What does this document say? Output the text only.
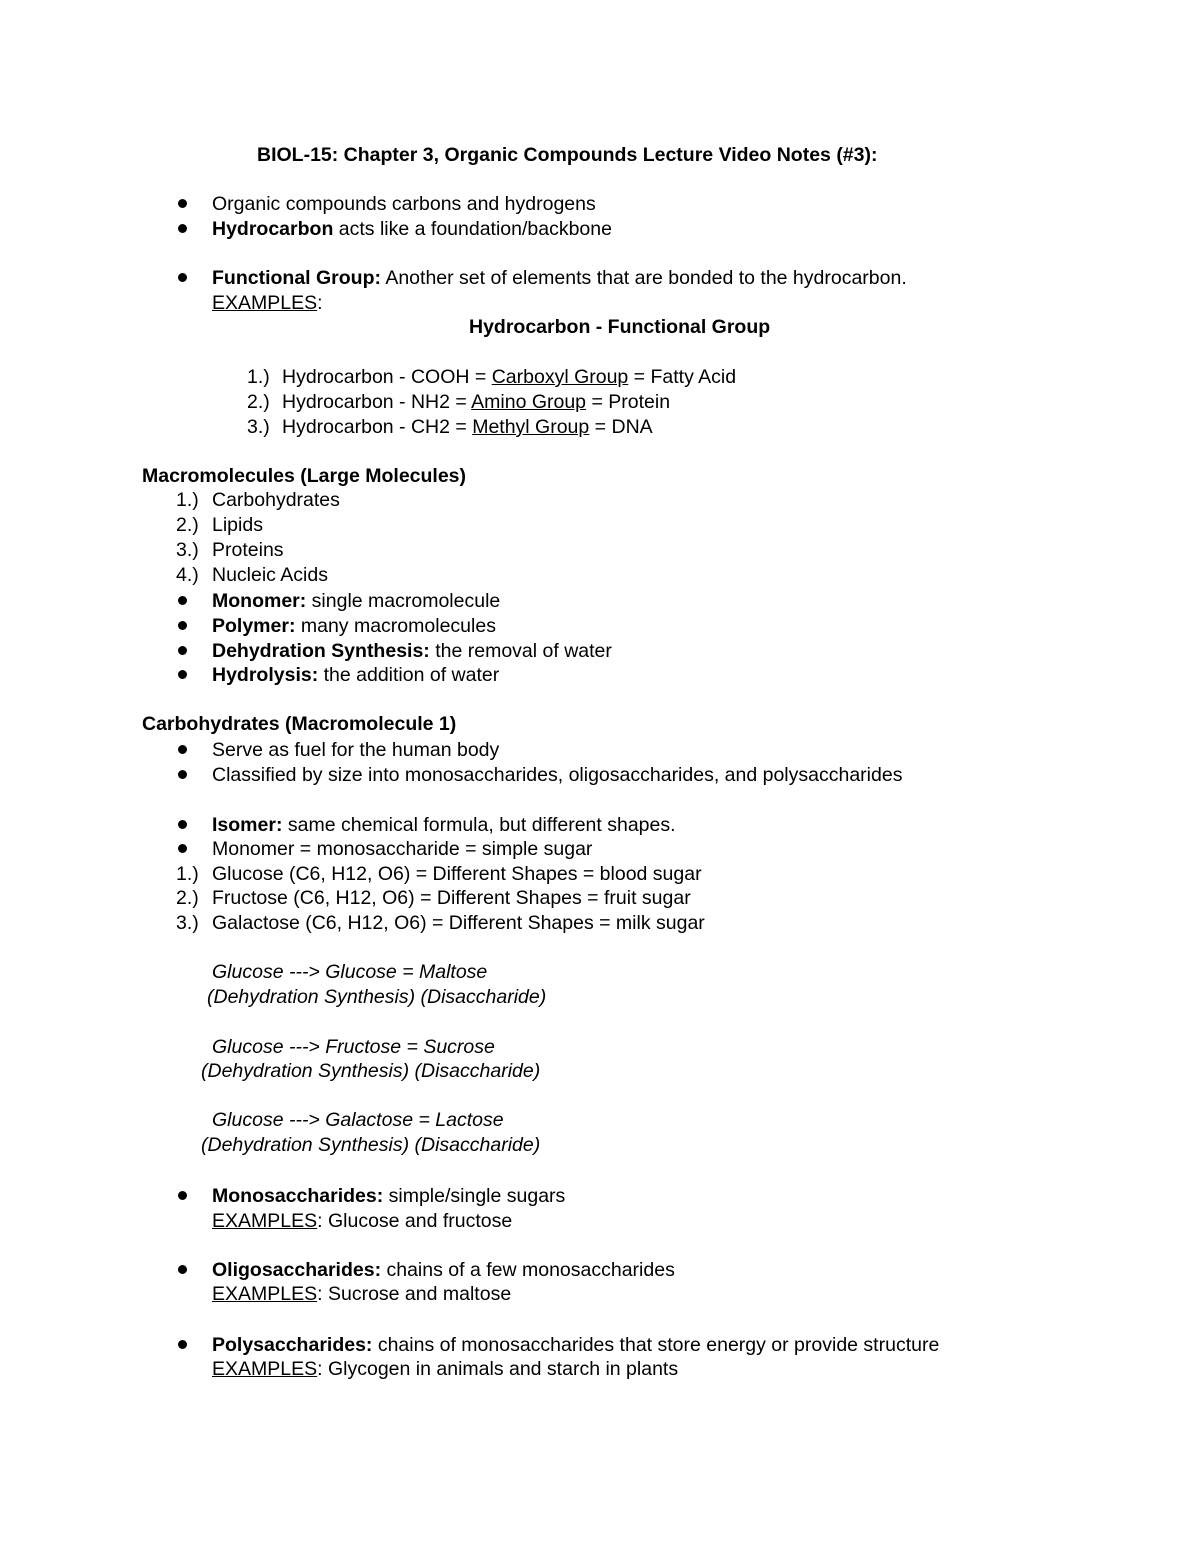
BIOL-15: Chapter 3, Organic Compounds Lecture Video Notes (#3):
Organic compounds carbons and hydrogens
Hydrocarbon acts like a foundation/backbone
Functional Group: Another set of elements that are bonded to the hydrocarbon.
EXAMPLES:
Hydrocarbon - Functional Group
1.) Hydrocarbon - COOH = Carboxyl Group = Fatty Acid
2.) Hydrocarbon - NH2 = Amino Group = Protein
3.) Hydrocarbon - CH2 = Methyl Group = DNA
Macromolecules (Large Molecules)
1.) Carbohydrates
2.) Lipids
3.) Proteins
4.) Nucleic Acids
Monomer: single macromolecule
Polymer: many macromolecules
Dehydration Synthesis: the removal of water
Hydrolysis: the addition of water
Carbohydrates (Macromolecule 1)
Serve as fuel for the human body
Classified by size into monosaccharides, oligosaccharides, and polysaccharides
Isomer: same chemical formula, but different shapes.
Monomer = monosaccharide = simple sugar
1.) Glucose (C6, H12, O6) = Different Shapes = blood sugar
2.) Fructose (C6, H12, O6) = Different Shapes = fruit sugar
3.) Galactose (C6, H12, O6) = Different Shapes = milk sugar
Glucose ---> Glucose = Maltose
(Dehydration Synthesis) (Disaccharide)
Glucose ---> Fructose = Sucrose
(Dehydration Synthesis) (Disaccharide)
Glucose ---> Galactose = Lactose
(Dehydration Synthesis) (Disaccharide)
Monosaccharides: simple/single sugars
EXAMPLES: Glucose and fructose
Oligosaccharides: chains of a few monosaccharides
EXAMPLES: Sucrose and maltose
Polysaccharides: chains of monosaccharides that store energy or provide structure
EXAMPLES: Glycogen in animals and starch in plants
